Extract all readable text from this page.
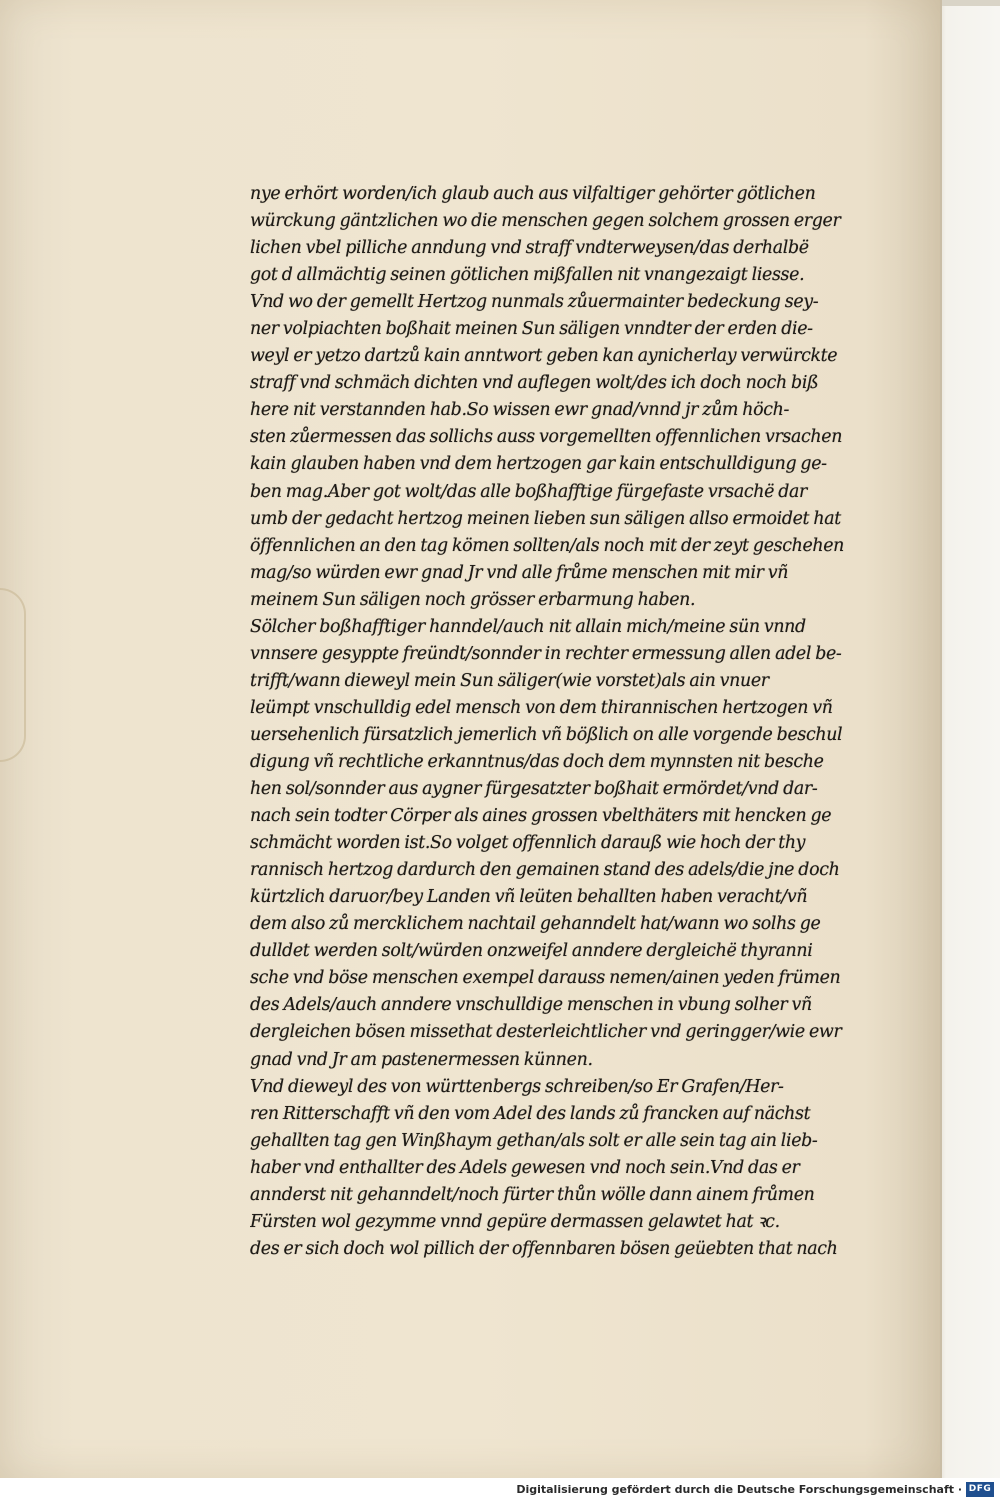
nye erhört worden/ich glaub auch aus vilfaltiger gehörter götlichen
würckung gäntzlichen wo die menschen gegen solchem grossen erger
lichen vbel pilliche anndung vnd straff vndterweysen/das derhalbë
got d allmächtig seinen götlichen mißfallen nit vnangezaigt liesse.
Vnd wo der gemellt Hertzog nunmals zůuermainter bedeckung sey-
ner volpiachten boßhait meinen Sun säligen vnndter der erden die-
weyl er yetzo dartzů kain anntwort geben kan aynicherlay verwürckte
straff vnd schmäch dichten vnd auflegen wolt/des ich doch noch biß
here nit verstannden hab.So wissen ewr gnad/vnnd jr zům höch-
sten zůermessen das sollichs auss vorgemellten offennlichen vrsachen
kain glauben haben vnd dem hertzogen gar kain entschulldigung ge-
ben mag.Aber got wolt/das alle boßhafftige fürgefaste vrsachë dar
umb der gedacht hertzog meinen lieben sun säligen allso ermoidet hat
öffennlichen an den tag kömen sollten/als noch mit der zeyt geschehen
mag/so würden ewr gnad Jr vnd alle frůme menschen mit mir vñ
meinem Sun säligen noch grösser erbarmung haben.
Sölcher boßhafftiger hanndel/auch nit allain mich/meine sün vnnd
vnnsere gesyppte freündt/sonnder in rechter ermessung allen adel be-
trifft/wann dieweyl mein Sun säliger(wie vorstet)als ain vnuer
leümpt vnschulldig edel mensch von dem thirannischen hertzogen vñ
uersehenlich fürsatzlich jemerlich vñ bößlich on alle vorgende beschul
digung vñ rechtliche erkanntnus/das doch dem mynnsten nit besche
hen sol/sonnder aus aygner fürgesatzter boßhait ermördet/vnd dar-
nach sein todter Cörper als aines grossen vbelthäters mit hencken ge
schmächt worden ist.So volget offennlich darauß wie hoch der thy
rannisch hertzog dardurch den gemainen stand des adels/die jne doch
kürtzlich daruor/bey Landen vñ leüten behallten haben veracht/vñ
dem also zů mercklichem nachtail gehanndelt hat/wann wo solhs ge
dulldet werden solt/würden onzweifel anndere dergleichë thyranni
sche vnd böse menschen exempel darauss nemen/ainen yeden frümen
des Adels/auch anndere vnschulldige menschen in vbung solher vñ
dergleichen bösen missethat desterleichtlicher vnd geringger/wie ewr
gnad vnd Jr am pastenermessen künnen.
Vnd dieweyl des von württenbergs schreiben/so Er Grafen/Her-
ren Ritterschafft vñ den vom Adel des lands zů francken auf nächst
gehallten tag gen Winßhaym gethan/als solt er alle sein tag ain lieb-
haber vnd enthallter des Adels gewesen vnd noch sein.Vnd das er
annderst nit gehanndelt/noch fürter thůn wölle dann ainem frůmen
Fürsten wol gezymme vnnd gepüre dermassen gelawtet hat ꝛc.
des er sich doch wol pillich der offennbaren bösen geüebten that nach
Digitalisierung gefördert durch die Deutsche Forschungsgemeinschaft · DFG
